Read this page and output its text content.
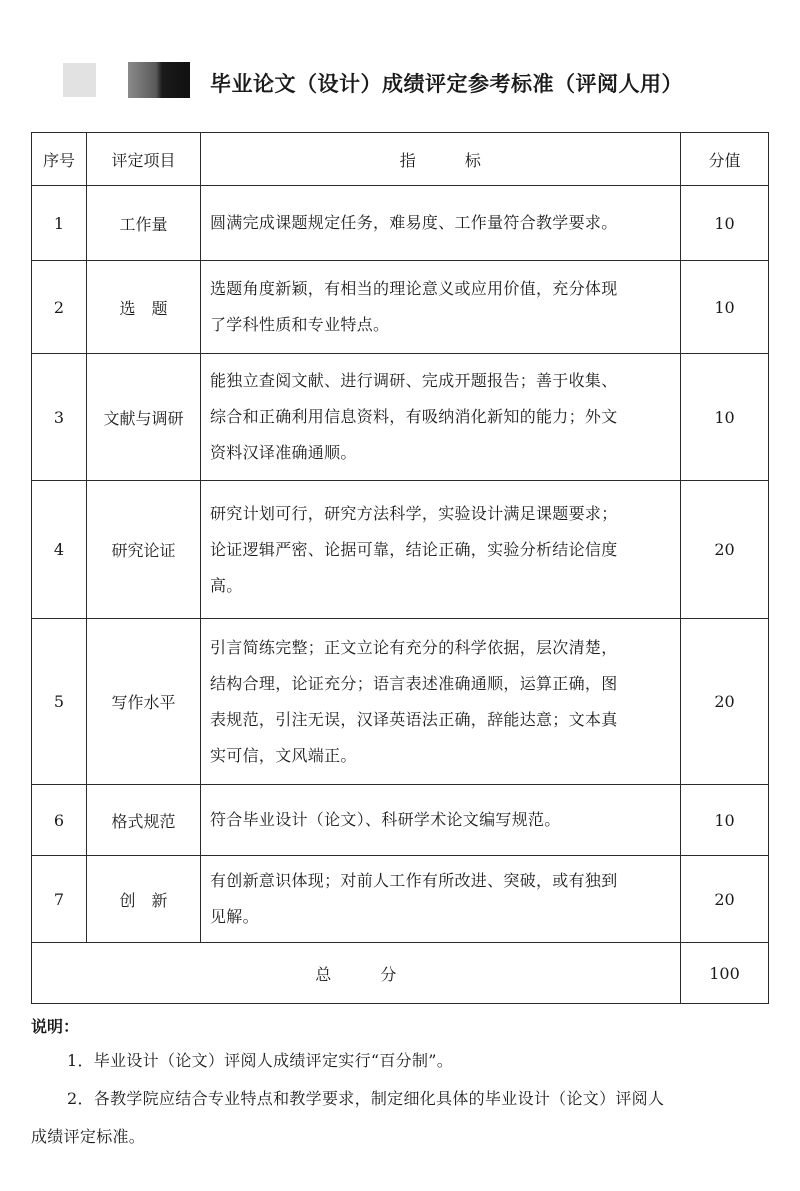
毕业论文（设计）成绩评定参考标准（评阅人用）
序号	评定项目	指　　　标	分值
1	工作量	圆满完成课题规定任务，难易度、工作量符合教学要求。	10
2	选　题	选题角度新颖，有相当的理论意义或应用价值，充分体现
了学科性质和专业特点。	10
3	文献与调研	能独立查阅文献、进行调研、完成开题报告；善于收集、
综合和正确利用信息资料，有吸纳消化新知的能力；外文
资料汉译准确通顺。	10
4	研究论证	研究计划可行，研究方法科学，实验设计满足课题要求；
论证逻辑严密、论据可靠，结论正确，实验分析结论信度
高。	20
5	写作水平	引言简练完整；正文立论有充分的科学依据，层次清楚，
结构合理，论证充分；语言表述准确通顺，运算正确，图
表规范，引注无误，汉译英语法正确，辞能达意；文本真
实可信，文风端正。	20
6	格式规范	符合毕业设计（论文）、科研学术论文编写规范。	10
7	创　新	有创新意识体现；对前人工作有所改进、突破，或有独到
见解。	20
总　　　分			100
说明：
1．毕业设计（论文）评阅人成绩评定实行“百分制”。
2．各教学院应结合专业特点和教学要求，制定细化具体的毕业设计（论文）评阅人
成绩评定标准。
